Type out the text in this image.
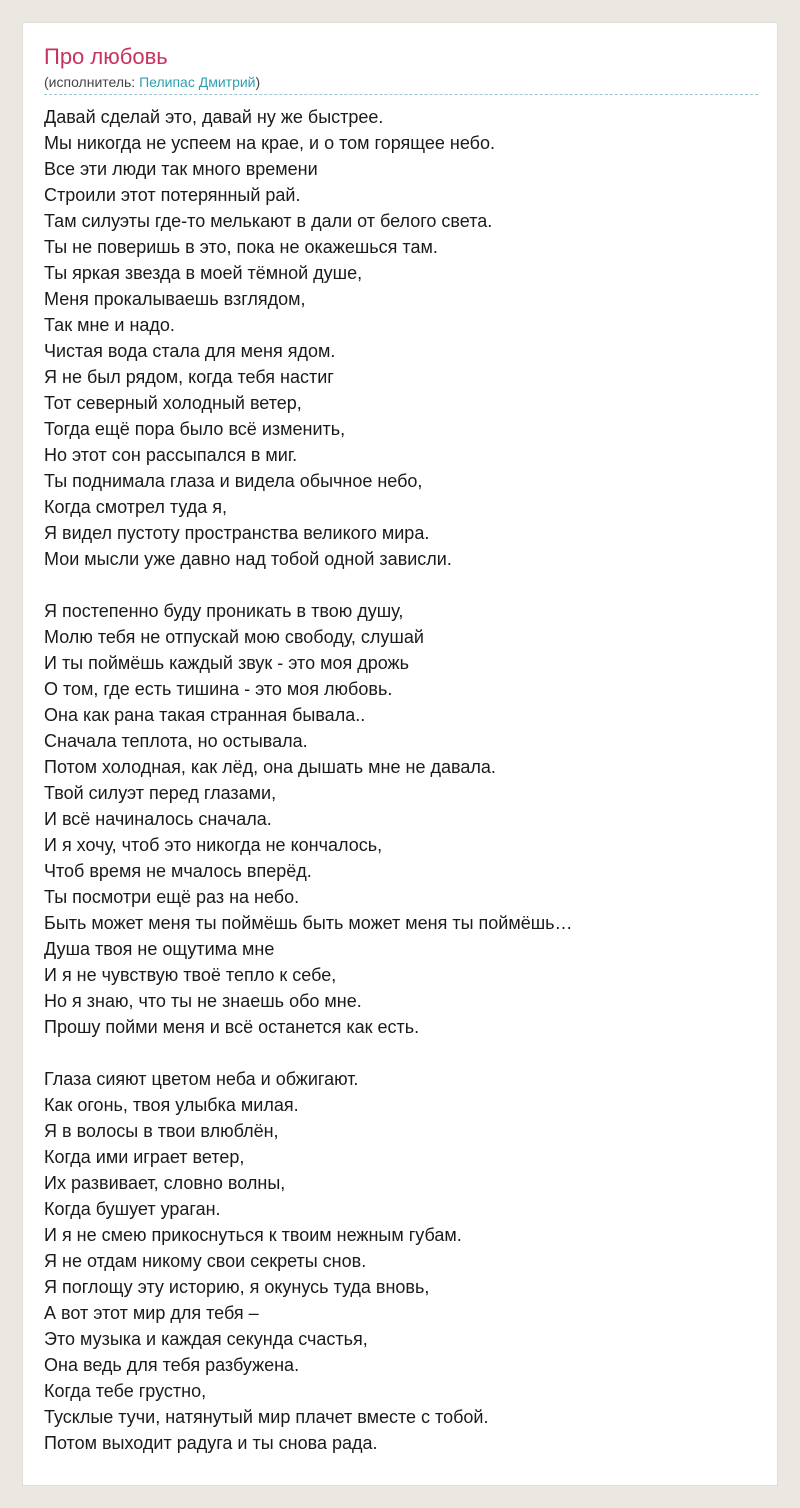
Про любовь
(исполнитель: Пелипас Дмитрий)
Давай сделай это, давай ну же быстрее.
Мы никогда не успеем на крае, и о том горящее небо.
Все эти люди так много времени
Строили этот потерянный рай.
Там силуэты где-то мелькают в дали от белого света.
Ты не поверишь в это, пока не окажешься там.
Ты яркая звезда в моей тёмной душе,
Меня прокалываешь взглядом,
Так мне и надо.
Чистая вода стала для меня ядом.
Я не был рядом, когда тебя настиг
Тот северный холодный ветер,
Тогда ещё пора было всё изменить,
Но этот сон рассыпался в миг.
Ты поднимала глаза и видела обычное небо,
Когда смотрел туда я,
Я видел пустоту пространства великого мира.
Мои мысли уже давно над тобой одной зависли.
Я постепенно буду проникать в твою душу,
Молю тебя не отпускай мою свободу, слушай
И ты поймёшь каждый звук - это моя дрожь
О том, где есть тишина - это моя любовь.
Она как рана такая странная бывала..
Сначала теплота, но остывала.
Потом холодная, как лёд, она дышать мне не давала.
Твой силуэт перед глазами,
И всё начиналось сначала.
И я хочу, чтоб это никогда не кончалось,
Чтоб время не мчалось вперёд.
Ты посмотри ещё раз на небо.
Быть может меня ты поймёшь быть может меня ты поймёшь…
Душа твоя не ощутима мне
И я не чувствую твоё тепло к себе,
Но я знаю, что ты не знаешь обо мне.
Прошу пойми меня и всё останется как есть.
Глаза сияют цветом неба и обжигают.
Как огонь, твоя улыбка милая.
Я в волосы в твои влюблён,
Когда ими играет ветер,
Их развивает, словно волны,
Когда бушует ураган.
И я не смею прикоснуться к твоим нежным губам.
Я не отдам никому свои секреты снов.
Я поглощу эту историю, я окунусь туда вновь,
А вот этот мир для тебя –
Это музыка и каждая секунда счастья,
Она ведь для тебя разбужена.
Когда тебе грустно,
Тусклые тучи, натянутый мир плачет вместе с тобой.
Потом выходит радуга и ты снова рада.
